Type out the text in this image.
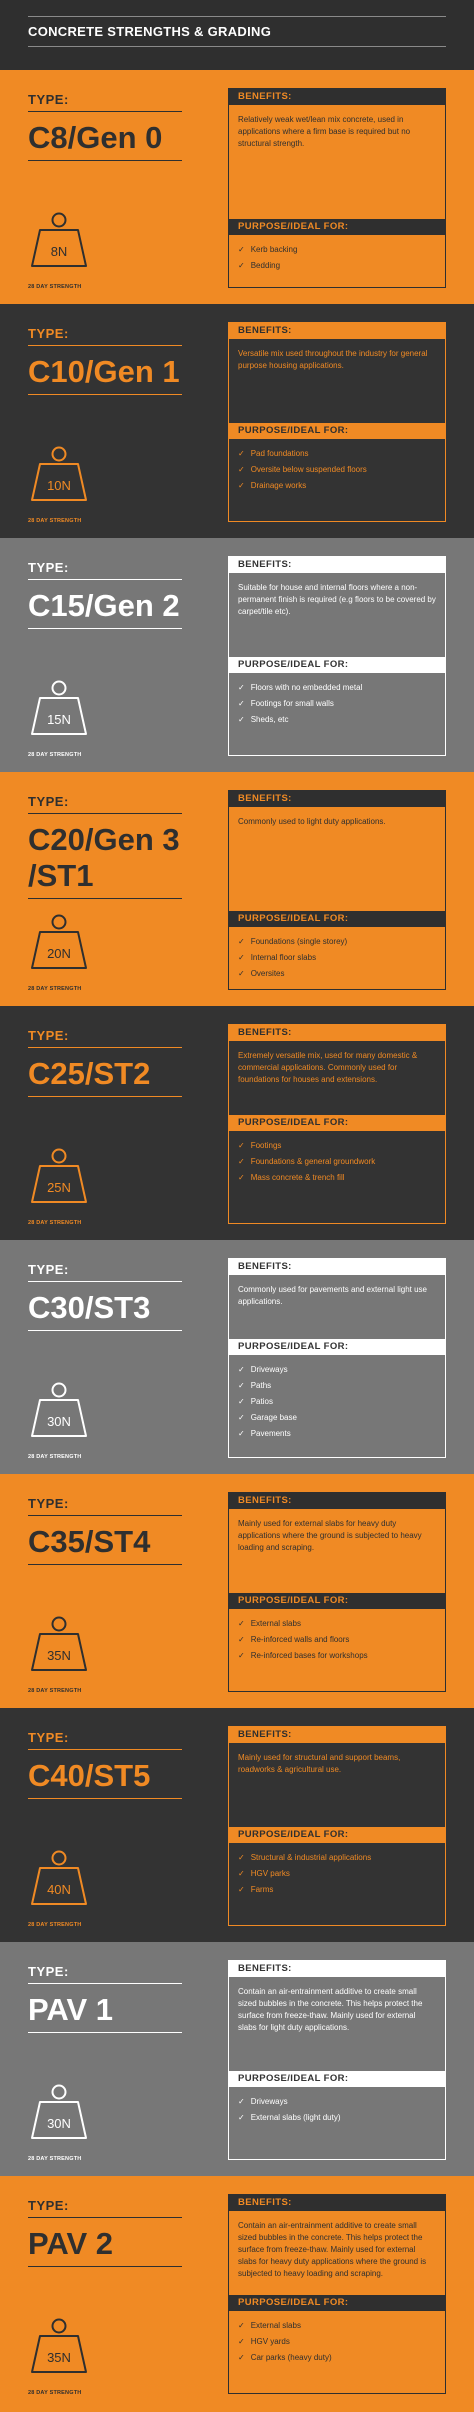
CONCRETE STRENGTHS & GRADING
TYPE:
C8/Gen 0
8N
28 DAY STRENGTH
BENEFITS:
Relatively weak wet/lean mix concrete, used in applications where a firm base is required but no structural strength.
PURPOSE/IDEAL FOR:
✓ Kerb backing
✓ Bedding
TYPE:
C10/Gen 1
10N
28 DAY STRENGTH
BENEFITS:
Versatile mix used throughout the industry for general purpose housing applications.
PURPOSE/IDEAL FOR:
✓ Pad foundations
✓ Oversite below suspended floors
✓ Drainage works
TYPE:
C15/Gen 2
15N
28 DAY STRENGTH
BENEFITS:
Suitable for house and internal floors where a non-permanent finish is required (e.g floors to be covered by carpet/tile etc).
PURPOSE/IDEAL FOR:
✓ Floors with no embedded metal
✓ Footings for small walls
✓ Sheds, etc
TYPE:
C20/Gen 3
/ST1
20N
28 DAY STRENGTH
BENEFITS:
Commonly used to light duty applications.
PURPOSE/IDEAL FOR:
✓ Foundations (single storey)
✓ Internal floor slabs
✓ Oversites
TYPE:
C25/ST2
25N
28 DAY STRENGTH
BENEFITS:
Extremely versatile mix, used for many domestic & commercial applications. Commonly used for foundations for houses and extensions.
PURPOSE/IDEAL FOR:
✓ Footings
✓ Foundations & general groundwork
✓ Mass concrete & trench fill
TYPE:
C30/ST3
30N
28 DAY STRENGTH
BENEFITS:
Commonly used for pavements and external light use applications.
PURPOSE/IDEAL FOR:
✓ Driveways
✓ Paths
✓ Patios
✓ Garage base
✓ Pavements
TYPE:
C35/ST4
35N
28 DAY STRENGTH
BENEFITS:
Mainly used for external slabs for heavy duty applications where the ground is subjected to heavy loading and scraping.
PURPOSE/IDEAL FOR:
✓ External slabs
✓ Re-inforced walls and floors
✓ Re-inforced bases for workshops
TYPE:
C40/ST5
40N
28 DAY STRENGTH
BENEFITS:
Mainly used for structural and support beams, roadworks & agricultural use.
PURPOSE/IDEAL FOR:
✓ Structural & industrial applications
✓ HGV parks
✓ Farms
TYPE:
PAV 1
30N
28 DAY STRENGTH
BENEFITS:
Contain an air-entrainment additive to create small sized bubbles in the concrete. This helps protect the surface from freeze-thaw. Mainly used for external slabs for light duty applications.
PURPOSE/IDEAL FOR:
✓ Driveways
✓ External slabs (light duty)
TYPE:
PAV 2
35N
28 DAY STRENGTH
BENEFITS:
Contain an air-entrainment additive to create small sized bubbles in the concrete. This helps protect the surface from freeze-thaw. Mainly used for external slabs for heavy duty applications where the ground is subjected to heavy loading and scraping.
PURPOSE/IDEAL FOR:
✓ External slabs
✓ HGV yards
✓ Car parks (heavy duty)
